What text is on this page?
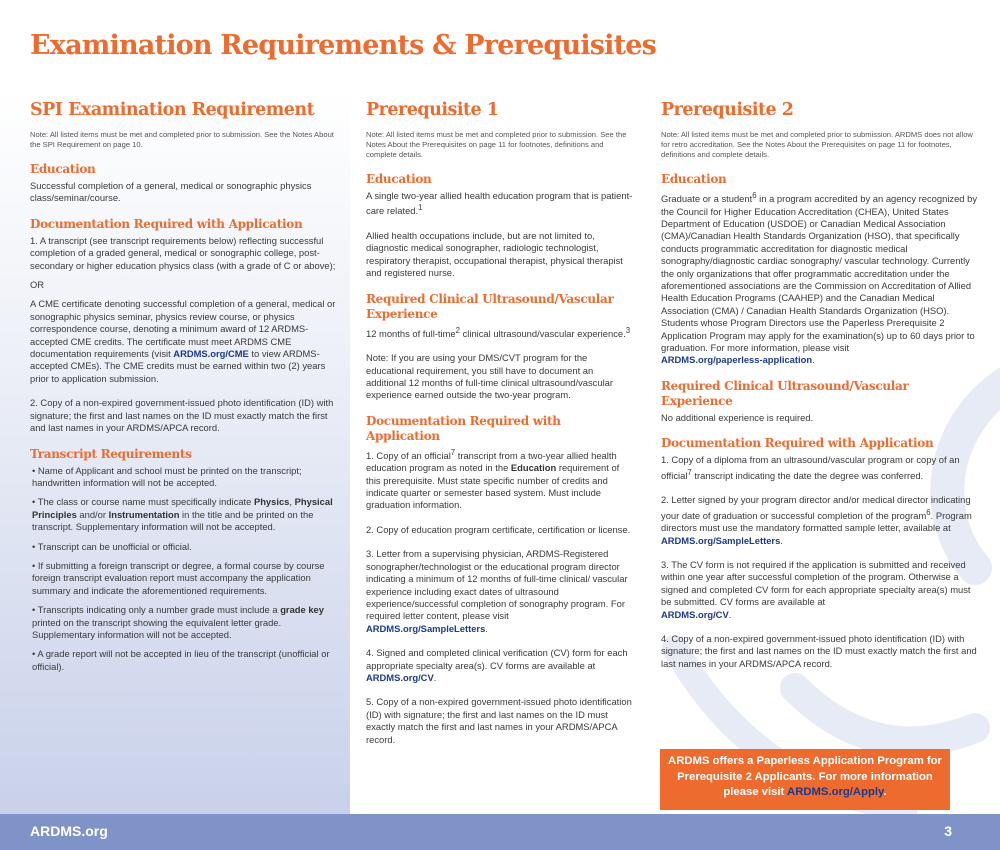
Examination Requirements & Prerequisites
SPI Examination Requirement
Note: All listed items must be met and completed prior to submission. See the Notes About the SPI Requirement on page 10.
Education

Successful completion of a general, medical or sonographic physics class/seminar/course.

Documentation Required with Application

1. A transcript (see transcript requirements below) reflecting successful completion of a graded general, medical or sonographic college, post-secondary or higher education physics class (with a grade of C or above);

OR

A CME certificate denoting successful completion of a general, medical or sonographic physics seminar, physics review course, or physics correspondence course, denoting a minimum award of 12 ARDMS-accepted CME credits. The certificate must meet ARDMS CME documentation requirements (visit ARDMS.org/CME to view ARDMS- accepted CMEs). The CME credits must be earned within two (2) years prior to application submission.

2. Copy of a non-expired government-issued photo identification (ID) with signature; the first and last names on the ID must exactly match the first and last names in your ARDMS/APCA record.

Transcript Requirements
• Name of Applicant and school must be printed on the transcript; handwritten information will not be accepted.
• The class or course name must specifically indicate Physics, Physical Principles and/or Instrumentation in the title and be printed on the transcript. Supplementary information will not be accepted.
• Transcript can be unofficial or official.
• If submitting a foreign transcript or degree, a formal course by course foreign transcript evaluation report must accompany the application summary and indicate the aforementioned requirements.
• Transcripts indicating only a number grade must include a grade key printed on the transcript showing the equivalent letter grade. Supplementary information will not be accepted.
• A grade report will not be accepted in lieu of the transcript (unofficial or official).
Prerequisite 1
Note: All listed items must be met and completed prior to submission. See the Notes About the Prerequisites on page 11 for footnotes, definitions and complete details.
Education

A single two-year allied health education program that is patient- care related.$^1$

Allied health occupations include, but are not limited to, diagnostic medical sonographer, radiologic technologist, respiratory therapist, occupational therapist, physical therapist and registered nurse.

Required Clinical Ultrasound/Vascular Experience

12 months of full-time$^2$ clinical ultrasound/vascular experience.$^3$

Note: If you are using your DMS/CVT program for the educational requirement, you still have to document an additional 12 months of full-time clinical ultrasound/vascular experience earned outside the two-year program.

Documentation Required with Application

1. Copy of an official$^7$ transcript from a two-year allied health education program as noted in the Education requirement of this prerequisite. Must state specific number of credits and indicate quarter or semester based system. Must include graduation information.

2. Copy of education program certificate, certification or license.

3. Letter from a supervising physician, ARDMS-Registered sonographer/technologist or the educational program director indicating a minimum of 12 months of full-time clinical/ vascular experience including exact dates of ultrasound experience/successful completion of sonography program. For required letter content, please visit
ARDMS.org/SampleLetters.

4. Signed and completed clinical verification (CV) form for each appropriate specialty area(s). CV forms are available at
ARDMS.org/CV.

5. Copy of a non-expired government-issued photo identification (ID) with signature; the first and last names on the ID must exactly match the first and last names in your ARDMS/APCA record.

Prerequisite 2
Note: All listed items must be met and completed prior to submission. ARDMS does not allow for retro accreditation. See the Notes About the Prerequisites on page 11 for footnotes, definitions and complete details.
Education

Graduate or a student$^6$ in a program accredited by an agency recognized by the Council for Higher Education Accreditation (CHEA), United States Department of Education (USDOE) or Canadian Medical Association (CMA)/Canadian Health Standards Organization (HSO), that specifically conducts programmatic accreditation for diagnostic medical sonography/diagnostic cardiac sonography/ vascular technology. Currently the only organizations that offer programmatic accreditation under the aforementioned associations are the Commission on Accreditation of Allied Health Education Programs (CAAHEP) and the Canadian Medical Association (CMA) / Canadian Health Standards Organization (HSO). Students whose Program Directors use the Paperless Prerequisite 2 Application Program may apply for the examination(s) up to 60 days prior to graduation. For more information, please visit
ARDMS.org/paperless-application.

Required Clinical Ultrasound/Vascular Experience

No additional experience is required.

Documentation Required with Application

1. Copy of a diploma from an ultrasound/vascular program or copy of an official$^7$ transcript indicating the date the degree was conferred.

2. Letter signed by your program director and/or medical director indicating your date of graduation or successful completion of the program$^6$. Program directors must use the mandatory formatted sample letter, available at
ARDMS.org/SampleLetters.

3. The CV form is not required if the application is submitted and received within one year after successful completion of the program. Otherwise a signed and completed CV form for each appropriate specialty area(s) must be submitted. CV forms are available at
ARDMS.org/CV.

4. Copy of a non-expired government-issued photo identification (ID) with signature; the first and last names on the ID must exactly match the first and last names in your ARDMS/APCA record.

ARDMS offers a Paperless Application Program for Prerequisite 2 Applicants. For more information please visit ARDMS.org/Apply.
ARDMS.org	3
